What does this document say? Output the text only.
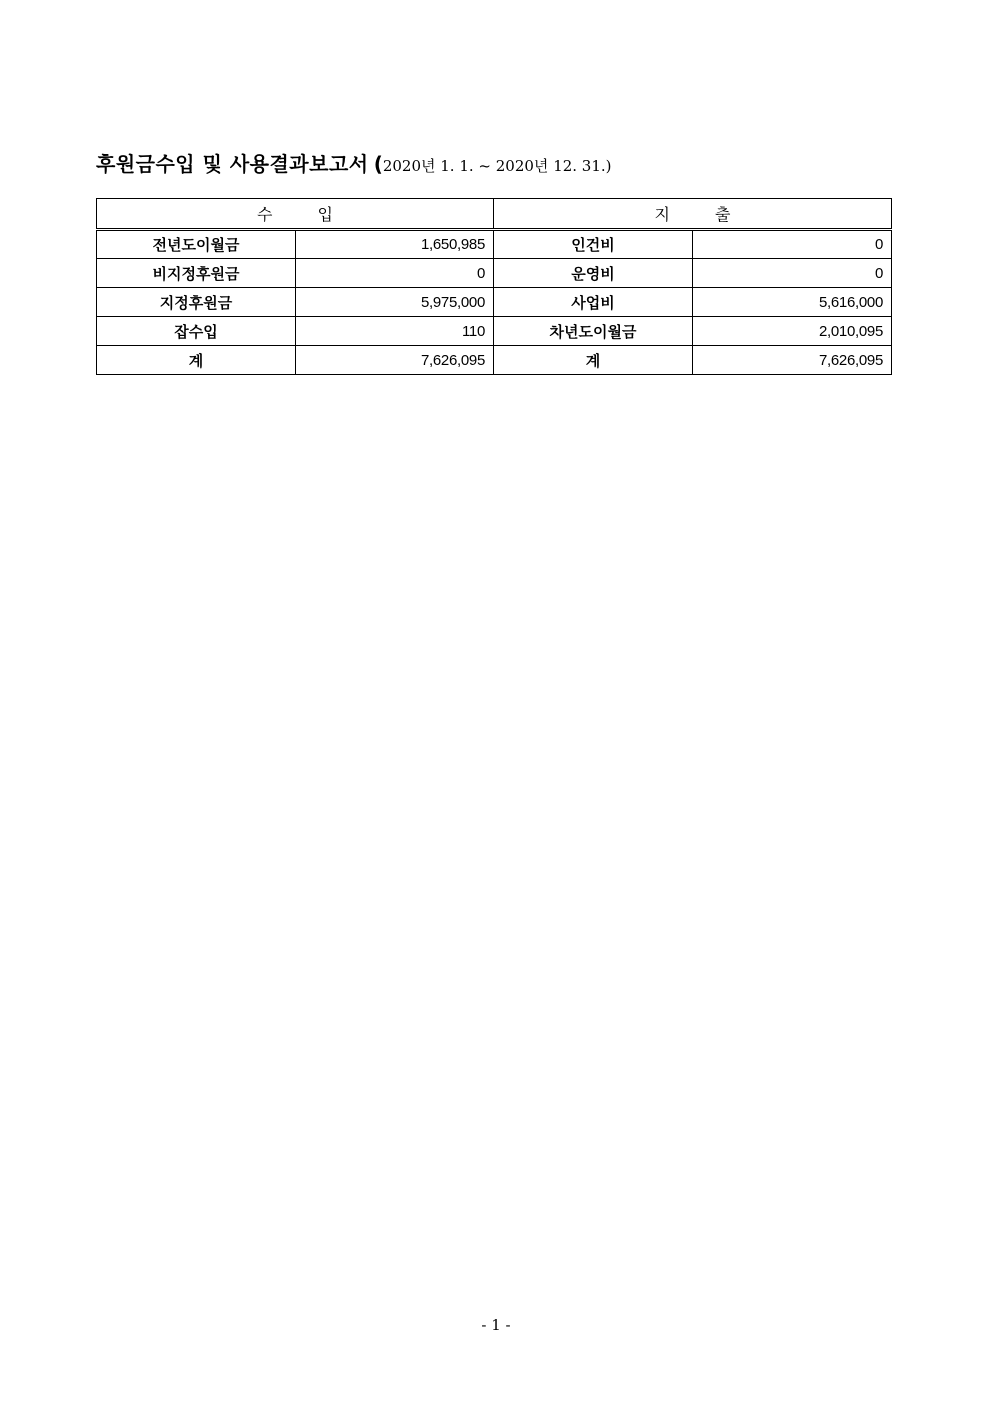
후원금수입 및 사용결과보고서 (2020년 1. 1. ~ 2020년 12. 31.)
수 입		지 출	
전년도이월금	1,650,985	인건비	0
비지정후원금	0	운영비	0
지정후원금	5,975,000	사업비	5,616,000
잡수입	110	차년도이월금	2,010,095
계	7,626,095	계	7,626,095
- 1 -
